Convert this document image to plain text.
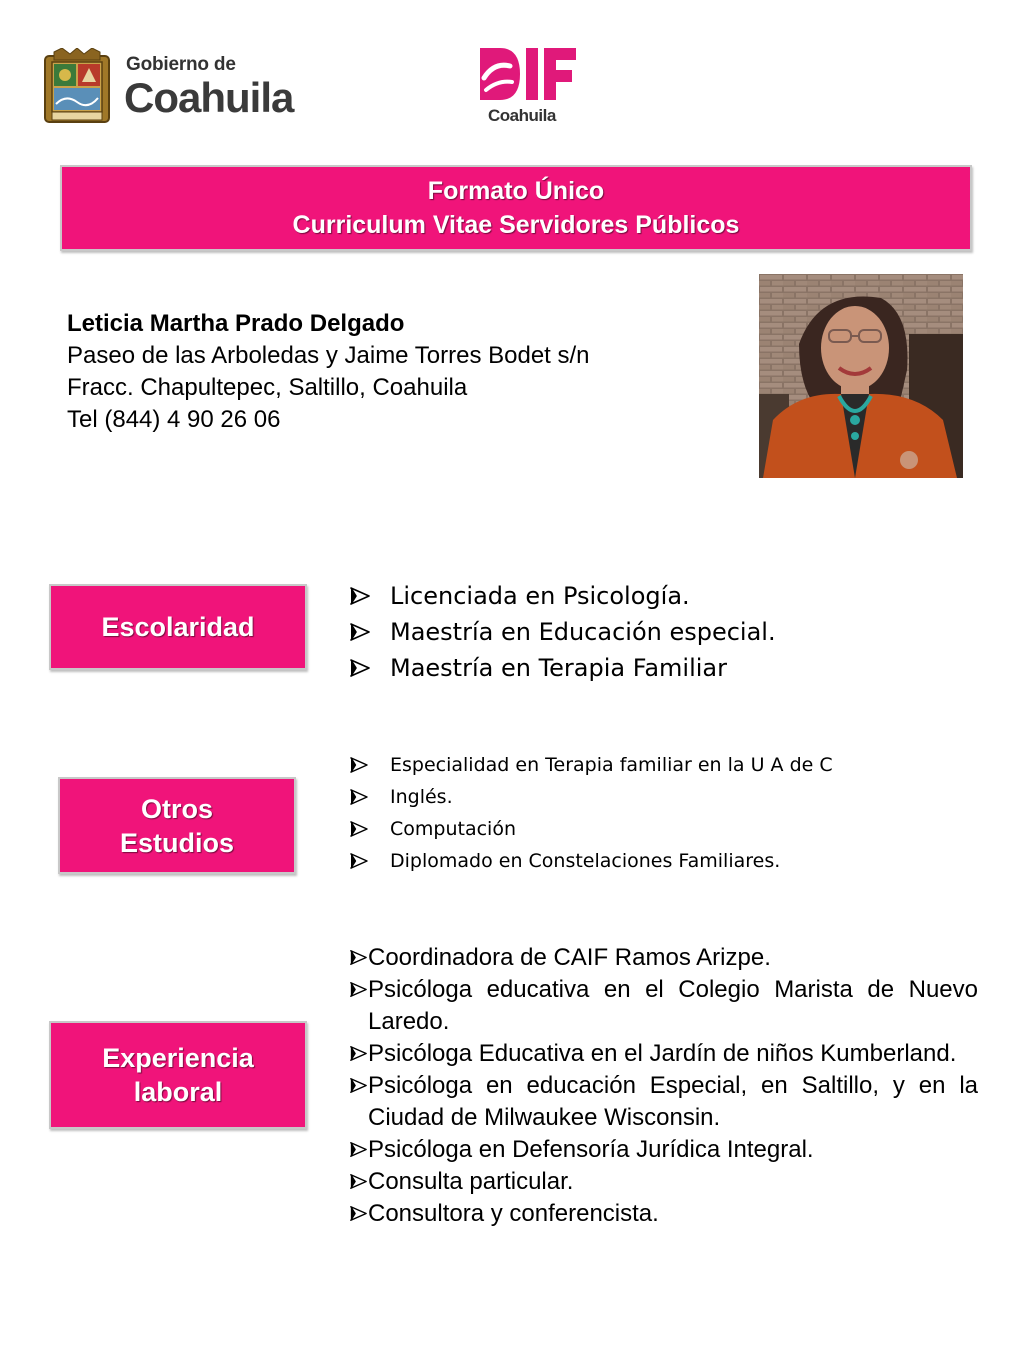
Gobierno de
Coahuila	Coahuila
Formato Único
Curriculum Vitae Servidores Públicos
Leticia Martha Prado Delgado
Paseo de las Arboledas y Jaime Torres Bodet s/n
Fracc. Chapultepec, Saltillo, Coahuila
Tel (844) 4 90 26 06
Escolaridad
Licenciada en Psicología.
Maestría en Educación especial.
Maestría en Terapia Familiar
Otros
Estudios
Especialidad en Terapia familiar en la U A de C
Inglés.
Computación
Diplomado en Constelaciones Familiares.
Experiencia
laboral
Coordinadora de CAIF Ramos Arizpe.
Psicóloga educativa en el Colegio Marista de Nuevo Laredo.
Psicóloga Educativa en el Jardín de niños Kumberland.
Psicóloga en educación Especial, en Saltillo, y en la Ciudad de Milwaukee Wisconsin.
Psicóloga en Defensoría Jurídica Integral.
Consulta particular.
Consultora y conferencista.
